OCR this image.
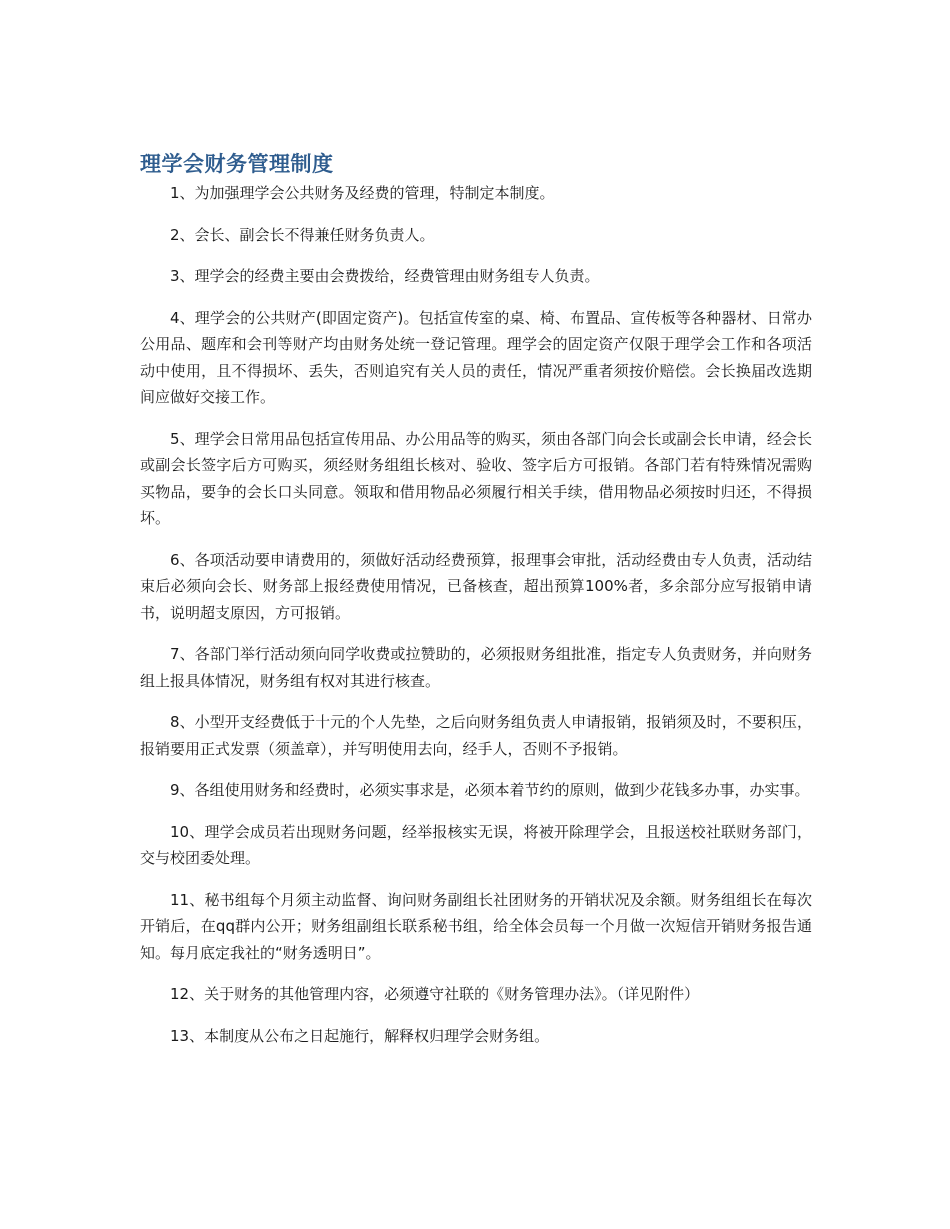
理学会财务管理制度

1、为加强理学会公共财务及经费的管理，特制定本制度。

2、会长、副会长不得兼任财务负责人。

3、理学会的经费主要由会费拨给，经费管理由财务组专人负责。

4、理学会的公共财产(即固定资产)。包括宣传室的桌、椅、布置品、宣传板等各种器材、日常办公用品、题库和会刊等财产均由财务处统一登记管理。理学会的固定资产仅限于理学会工作和各项活动中使用，且不得损坏、丢失，否则追究有关人员的责任，情况严重者须按价赔偿。会长换届改选期间应做好交接工作。

5、理学会日常用品包括宣传用品、办公用品等的购买，须由各部门向会长或副会长申请，经会长或副会长签字后方可购买，须经财务组组长核对、验收、签字后方可报销。各部门若有特殊情况需购买物品，要争的会长口头同意。领取和借用物品必须履行相关手续，借用物品必须按时归还，不得损坏。

6、各项活动要申请费用的，须做好活动经费预算，报理事会审批，活动经费由专人负责，活动结束后必须向会长、财务部上报经费使用情况，已备核查，超出预算100%者，多余部分应写报销申请书，说明超支原因，方可报销。

7、各部门举行活动须向同学收费或拉赞助的，必须报财务组批准，指定专人负责财务，并向财务组上报具体情况，财务组有权对其进行核查。

8、小型开支经费低于十元的个人先垫，之后向财务组负责人申请报销，报销须及时，不要积压，报销要用正式发票（须盖章），并写明使用去向，经手人，否则不予报销。

9、各组使用财务和经费时，必须实事求是，必须本着节约的原则，做到少花钱多办事，办实事。

10、理学会成员若出现财务问题，经举报核实无误，将被开除理学会，且报送校社联财务部门，交与校团委处理。

11、秘书组每个月须主动监督、询问财务副组长社团财务的开销状况及余额。财务组组长在每次开销后，在qq群内公开；财务组副组长联系秘书组，给全体会员每一个月做一次短信开销财务报告通知。每月底定我社的“财务透明日”。

12、关于财务的其他管理内容，必须遵守社联的《财务管理办法》。（详见附件）

13、本制度从公布之日起施行，解释权归理学会财务组。
